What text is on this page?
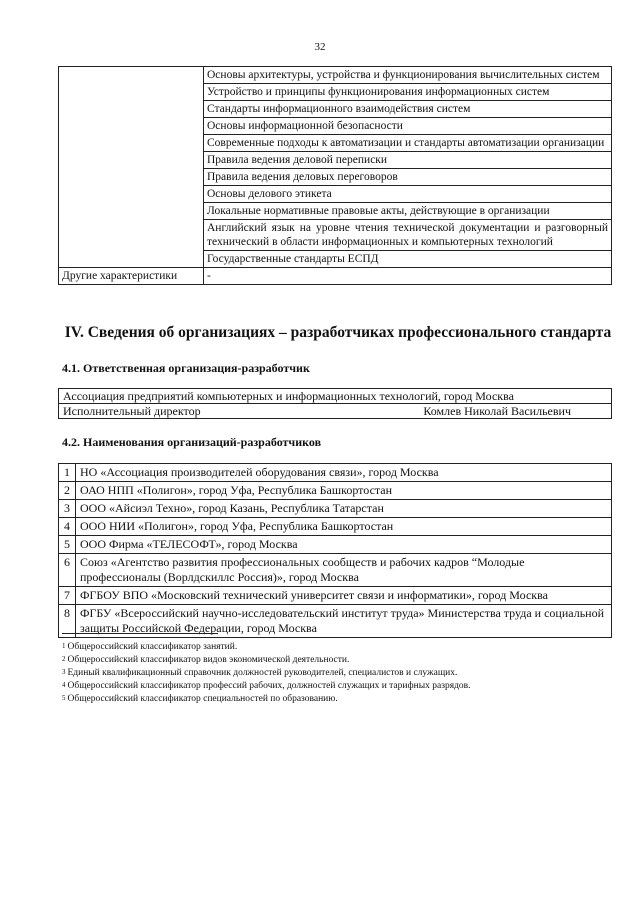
32
	Основы архитектуры, устройства и функционирования вычислительных систем
	Устройство и принципы функционирования информационных систем
	Стандарты информационного взаимодействия систем
	Основы информационной безопасности
	Современные подходы к автоматизации и стандарты автоматизации организации
	Правила ведения деловой переписки
	Правила ведения деловых переговоров
	Основы делового этикета
	Локальные нормативные правовые акты, действующие в организации
	Английский язык на уровне чтения технической документации и разговорный технический в области информационных и компьютерных технологий
	Государственные стандарты ЕСПД
Другие характеристики	-
IV. Сведения об организациях – разработчиках профессионального стандарта
4.1. Ответственная организация-разработчик
Ассоциация предприятий компьютерных и информационных технологий, город Москва

Исполнительный директор	Комлев Николай Васильевич
4.2. Наименования организаций-разработчиков
1	НО «Ассоциация производителей оборудования связи», город Москва
2	ОАО НПП «Полигон», город Уфа, Республика Башкортостан
3	ООО «Айсиэл Техно», город Казань, Республика Татарстан
4	ООО НИИ «Полигон», город Уфа, Республика Башкортостан
5	ООО Фирма «ТЕЛЕСОФТ», город Москва
6	Союз «Агентство развития профессиональных сообществ и рабочих кадров “Молодые профессионалы (Ворлдскиллс Россия)», город Москва
7	ФГБОУ ВПО «Московский технический университет связи и информатики», город Москва
8	ФГБУ «Всероссийский научно-исследовательский институт труда» Министерства труда и социальной защиты Российской Федерации, город Москва
$^1$ Общероссийский классификатор занятий.
$^2$ Общероссийский классификатор видов экономической деятельности.
$^3$ Единый квалификационный справочник должностей руководителей, специалистов и служащих.
$^4$ Общероссийский классификатор профессий рабочих, должностей служащих и тарифных разрядов.
$^5$ Общероссийский классификатор специальностей по образованию.
